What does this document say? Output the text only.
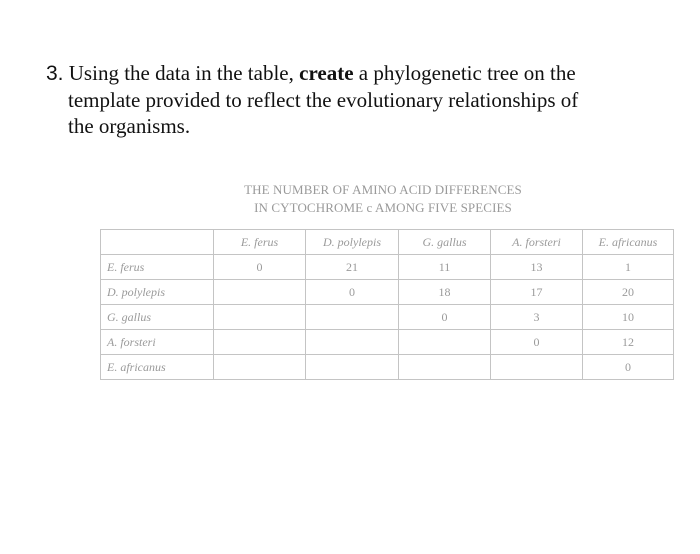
3. Using the data in the table, create a phylogenetic tree on the
template provided to reflect the evolutionary relationships of
the organisms.
THE NUMBER OF AMINO ACID DIFFERENCES
IN CYTOCHROME c AMONG FIVE SPECIES
	E. ferus	D. polylepis	G. gallus	A. forsteri	E. africanus
E. ferus	0	21	11	13	1
D. polylepis		0	18	17	20
G. gallus			0	3	10
A. forsteri				0	12
E. africanus					0
